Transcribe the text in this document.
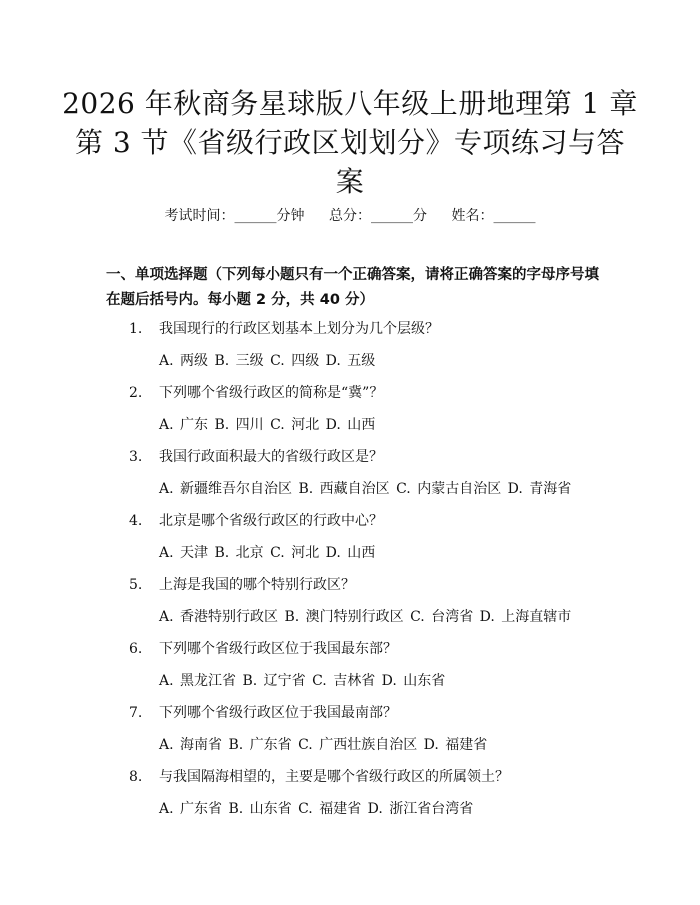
2026 年秋商务星球版八年级上册地理第 1 章
第 3 节《省级行政区划划分》专项练习与答
案
考试时间：______分钟 总分：______分 姓名：______
一、单项选择题（下列每小题只有一个正确答案，请将正确答案的字母序号填在题后括号内。每小题 2 分，共 40 分）
1. 我国现行的行政区划基本上划分为几个层级？
A. 两级 B. 三级 C. 四级 D. 五级
2. 下列哪个省级行政区的简称是“冀”？
A. 广东 B. 四川 C. 河北 D. 山西
3. 我国行政面积最大的省级行政区是？
A. 新疆维吾尔自治区 B. 西藏自治区 C. 内蒙古自治区 D. 青海省
4. 北京是哪个省级行政区的行政中心？
A. 天津 B. 北京 C. 河北 D. 山西
5. 上海是我国的哪个特别行政区？
A. 香港特别行政区 B. 澳门特别行政区 C. 台湾省 D. 上海直辖市
6. 下列哪个省级行政区位于我国最东部？
A. 黑龙江省 B. 辽宁省 C. 吉林省 D. 山东省
7. 下列哪个省级行政区位于我国最南部？
A. 海南省 B. 广东省 C. 广西壮族自治区 D. 福建省
8. 与我国隔海相望的，主要是哪个省级行政区的所属领土？
A. 广东省 B. 山东省 C. 福建省 D. 浙江省台湾省
